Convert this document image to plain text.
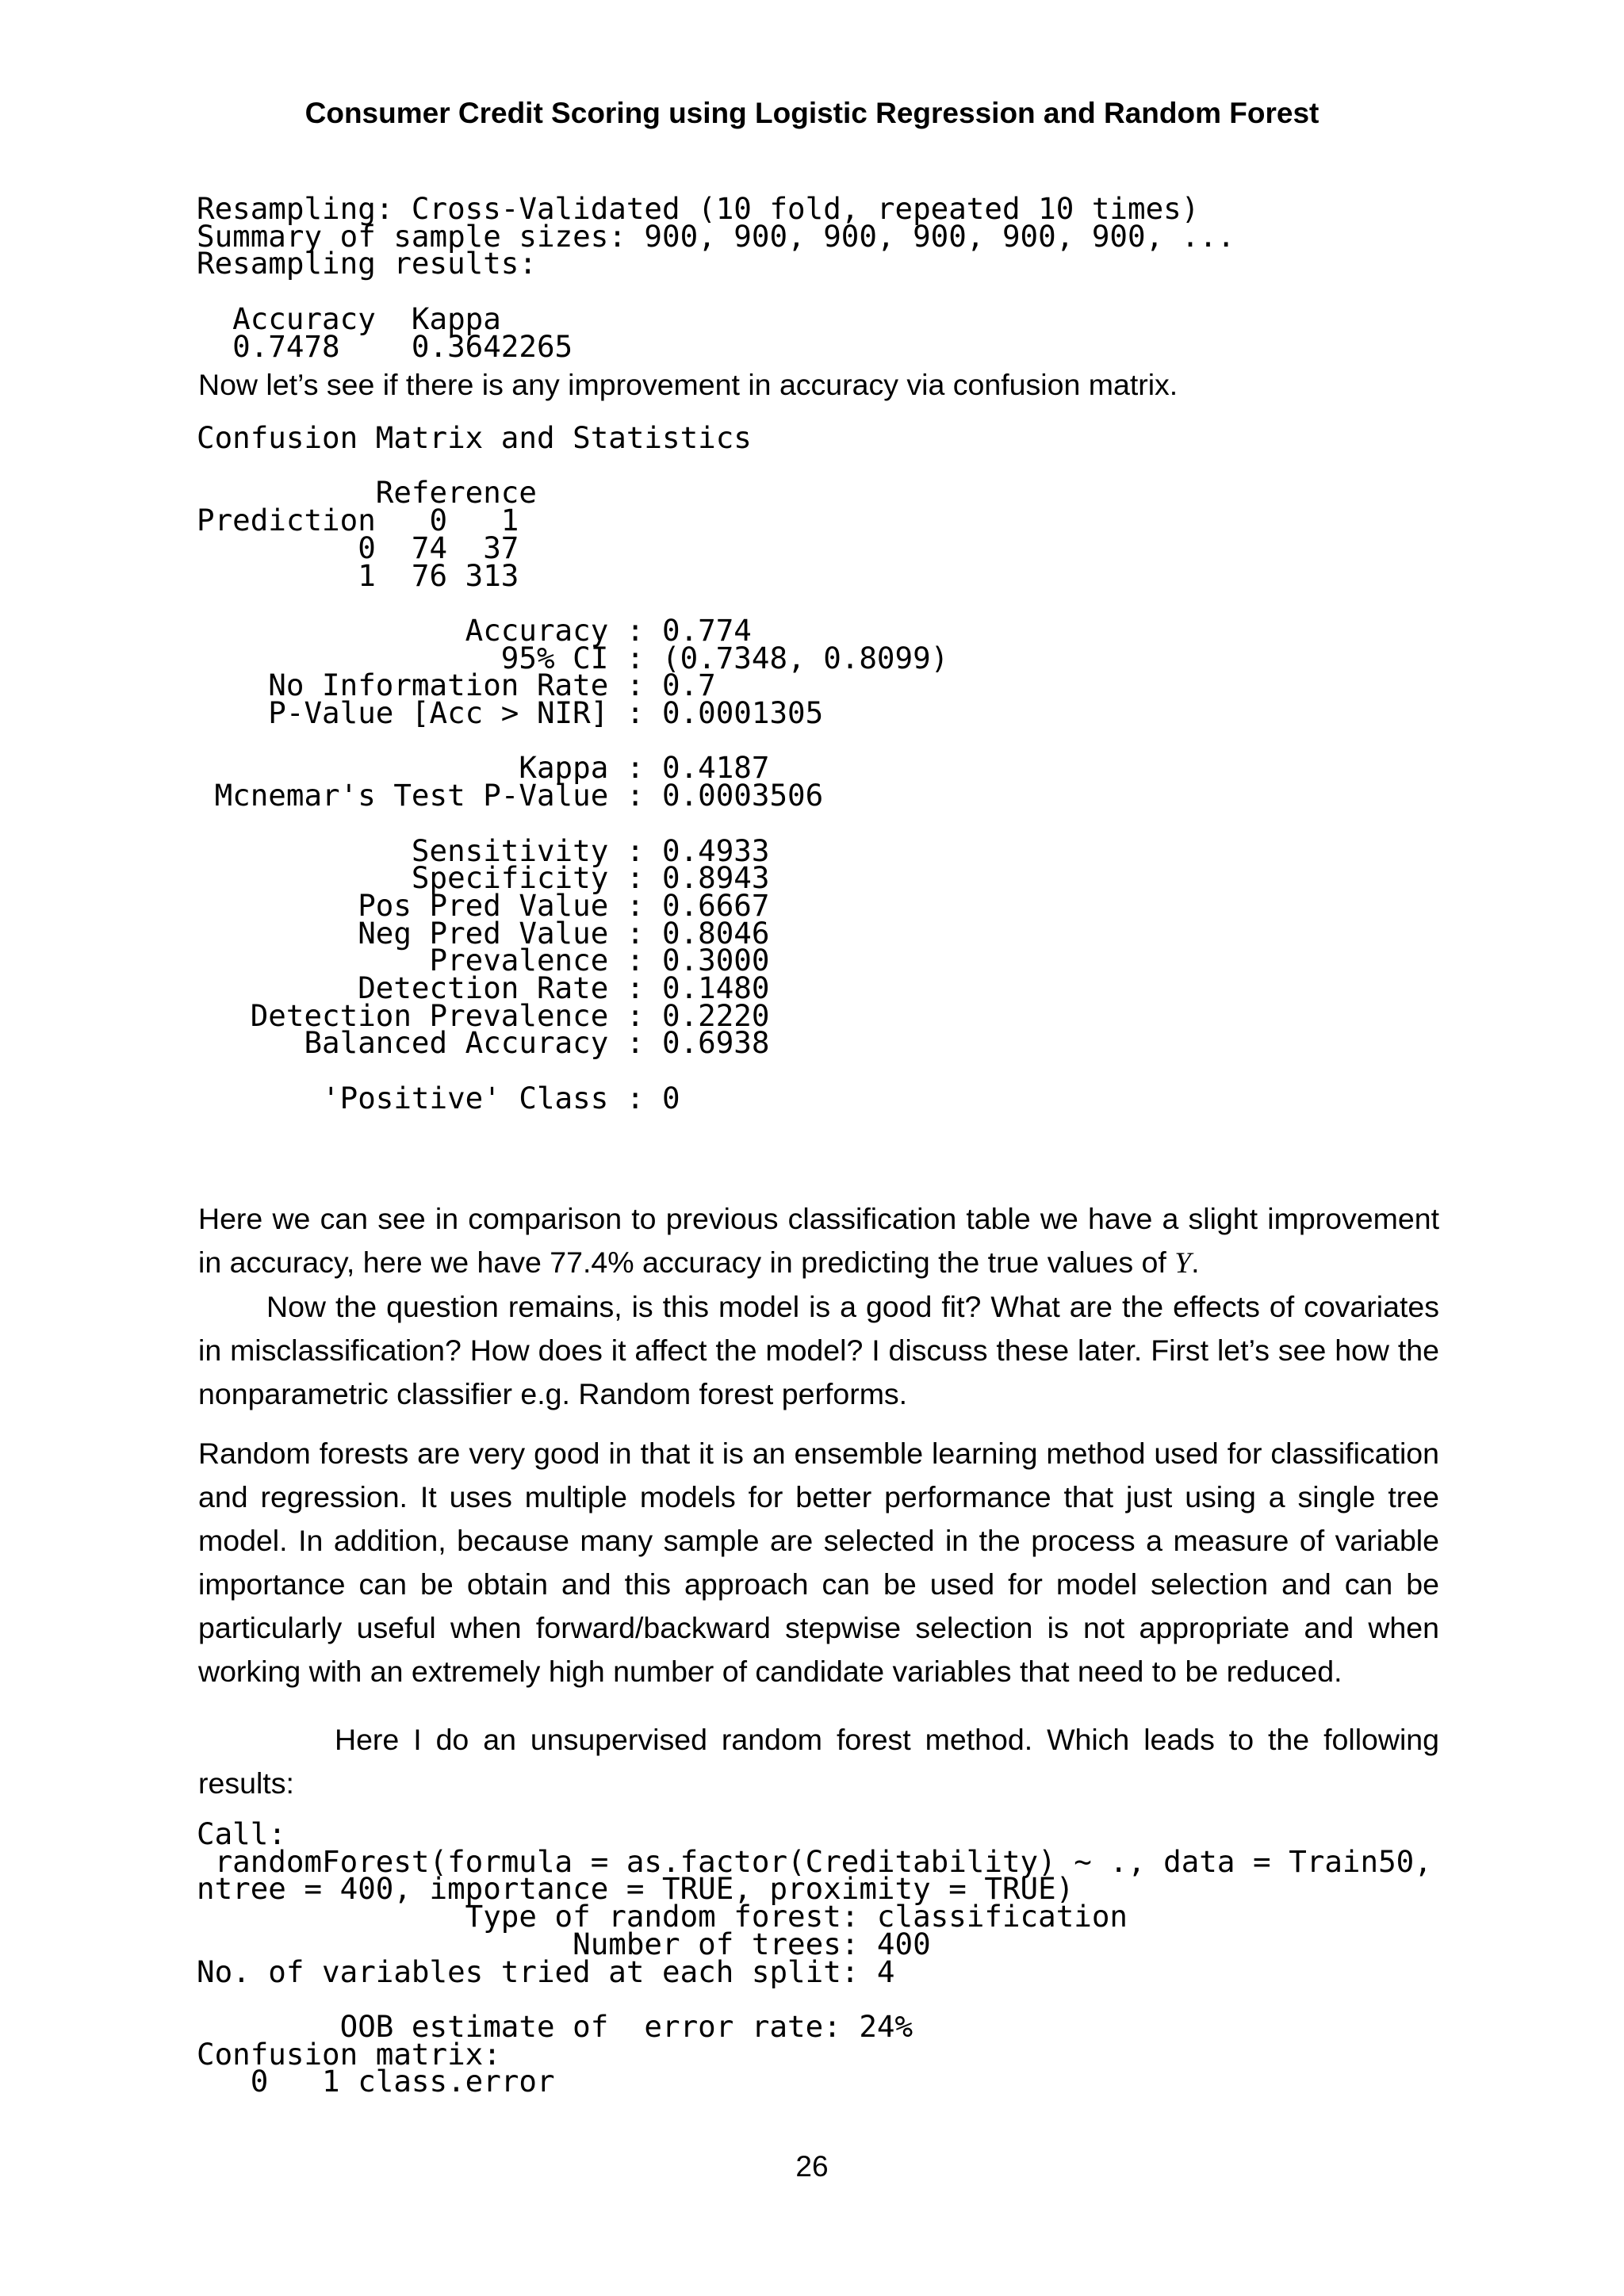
Consumer Credit Scoring using Logistic Regression and Random Forest
Resampling: Cross-Validated (10 fold, repeated 10 times)
Summary of sample sizes: 900, 900, 900, 900, 900, 900, ...
Resampling results:

Accuracy  Kappa
0.7478    0.3642265

Now let’s see if there is any improvement in accuracy via confusion matrix.

Confusion Matrix and Statistics

Reference
Prediction   0   1
0  74  37
1  76 313

Accuracy : 0.774
95% CI : (0.7348, 0.8099)
No Information Rate : 0.7
P-Value [Acc > NIR] : 0.0001305

Kappa : 0.4187
Mcnemar's Test P-Value : 0.0003506

Sensitivity : 0.4933
Specificity : 0.8943
Pos Pred Value : 0.6667
Neg Pred Value : 0.8046
Prevalence : 0.3000
Detection Rate : 0.1480
Detection Prevalence : 0.2220
Balanced Accuracy : 0.6938

'Positive' Class : 0

Here we can see in comparison to previous classification table we have a slight improvement in accuracy, here we have 77.4% accuracy in predicting the true values of Y.

Now the question remains, is this model is a good fit? What are the effects of covariates in misclassification? How does it affect the model? I discuss these later. First let’s see how the nonparametric classifier e.g. Random forest performs.

Random forests are very good in that it is an ensemble learning method used for classification and regression. It uses multiple models for better performance that just using a single tree model. In addition, because many sample are selected in the process a measure of variable importance can be obtain and this approach can be used for model selection and can be particularly useful when forward/backward stepwise selection is not appropriate and when working with an extremely high number of candidate variables that need to be reduced.

Here I do an unsupervised random forest method. Which leads to the following results:

Call:
randomForest(formula = as.factor(Creditability) ~ ., data = Train50,
ntree = 400, importance = TRUE, proximity = TRUE)
Type of random forest: classification
Number of trees: 400
No. of variables tried at each split: 4

OOB estimate of  error rate: 24%
Confusion matrix:
0   1 class.error
26
